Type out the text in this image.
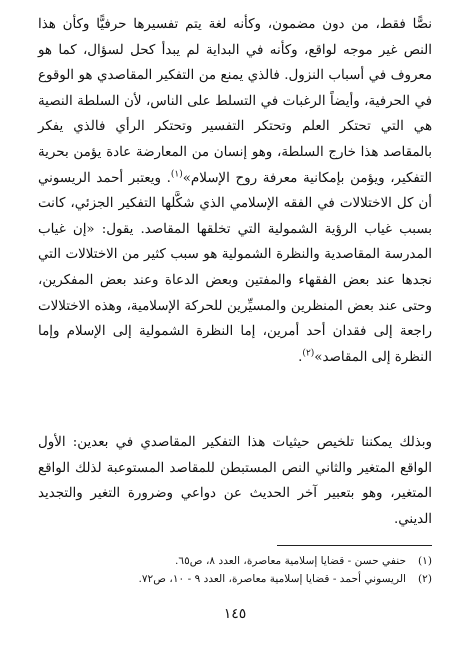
نصًّا فقط، من دون مضمون، وكأنه لغة يتم تفسيرها حرفيًّا وكأن هذا النص غير موجه لواقع، وكأنه في البداية لم يبدأ كحل لسؤال، كما هو معروف في أسباب النزول. فالذي يمنع من التفكير المقاصدي هو الوقوع في الحرفية، وأيضاً الرغبات في التسلط على الناس، لأن السلطة النصية هي التي تحتكر العلم وتحتكر التفسير وتحتكر الرأي فالذي يفكر بالمقاصد هذا خارج السلطة، وهو إنسان من المعارضة عادة يؤمن بحرية التفكير، ويؤمن بإمكانية معرفة روح الإسلام»$^{(١)}$. ويعتبر أحمد الريسوني أن كل الاختلالات في الفقه الإسلامي الذي شكَّلها التفكير الجزئي، كانت بسبب غياب الرؤية الشمولية التي تخلقها المقاصد. يقول: «إن غياب المدرسة المقاصدية والنظرة الشمولية هو سبب كثير من الاختلالات التي نجدها عند بعض الفقهاء والمفتين وبعض الدعاة وعند بعض المفكرين، وحتى عند بعض المنظرين والمسيِّرين للحركة الإسلامية، وهذه الاختلالات راجعة إلى فقدان أحد أمرين، إما النظرة الشمولية إلى الإسلام وإما النظرة إلى المقاصد»$^{(٢)}$.

وبذلك يمكننا تلخيص حيثيات هذا التفكير المقاصدي في بعدين: الأول الواقع المتغير والثاني النص المستبطن للمقاصد المستوعبة لذلك الواقع المتغير، وهو بتعبير آخر الحديث عن دواعي وضرورة التغير والتجديد الديني.

(١)
حنفي حسن - قضايا إسلامية معاصرة، العدد ٨، ص٦٥.
(٢)
الريسوني أحمد - قضايا إسلامية معاصرة، العدد ٩ - ١٠، ص٧٢.
١٤٥
